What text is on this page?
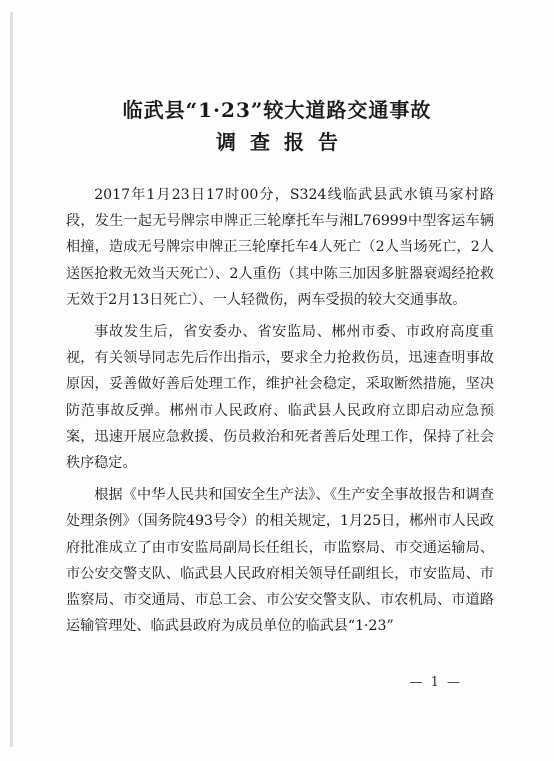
临武县“1·23”较大道路交通事故
调查报告

2017年1月23日17时00分，S324线临武县武水镇马家村路段，发生一起无号牌宗申牌正三轮摩托车与湘L76999中型客运车辆相撞，造成无号牌宗申牌正三轮摩托车4人死亡（2人当场死亡，2人送医抢救无效当天死亡）、2人重伤（其中陈三加因多脏器衰竭经抢救无效于2月13日死亡）、一人轻微伤，两车受损的较大交通事故。

事故发生后，省安委办、省安监局、郴州市委、市政府高度重视，有关领导同志先后作出指示，要求全力抢救伤员，迅速查明事故原因，妥善做好善后处理工作，维护社会稳定，采取断然措施，坚决防范事故反弹。郴州市人民政府、临武县人民政府立即启动应急预案，迅速开展应急救援、伤员救治和死者善后处理工作，保持了社会秩序稳定。

根据《中华人民共和国安全生产法》、《生产安全事故报告和调查处理条例》（国务院493号令）的相关规定，1月25日，郴州市人民政府批准成立了由市安监局副局长任组长，市监察局、市交通运输局、市公安交警支队、临武县人民政府相关领导任副组长，市安监局、市监察局、市交通局、市总工会、市公安交警支队、市农机局、市道路运输管理处、临武县政府为成员单位的临武县“1·23”

— 1 —
